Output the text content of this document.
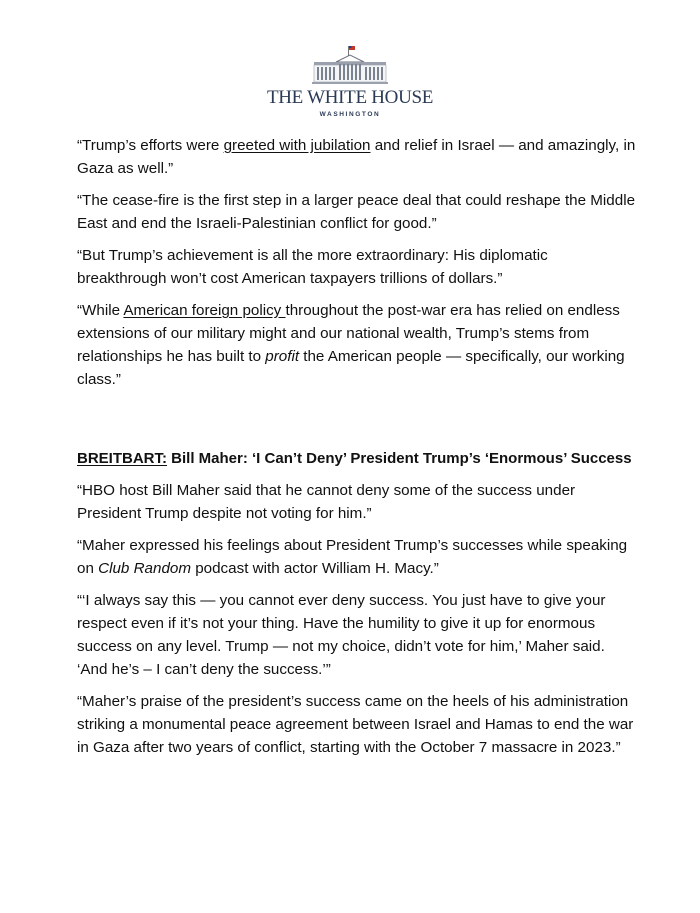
THE WHITE HOUSE
WASHINGTON

“Trump’s efforts were greeted with jubilation and relief in Israel — and amazingly, in Gaza as well.”

“The cease-fire is the first step in a larger peace deal that could reshape the Middle East and end the Israeli-Palestinian conflict for good.”

“But Trump’s achievement is all the more extraordinary: His diplomatic breakthrough won’t cost American taxpayers trillions of dollars.”

“While American foreign policy throughout the post-war era has relied on endless extensions of our military might and our national wealth, Trump’s stems from relationships he has built to profit the American people — specifically, our working class.”

BREITBART: Bill Maher: ‘I Can’t Deny’ President Trump’s ‘Enormous’ Success

“HBO host Bill Maher said that he cannot deny some of the success under President Trump despite not voting for him.”

“Maher expressed his feelings about President Trump’s successes while speaking on Club Random podcast with actor William H. Macy.”

“‘I always say this — you cannot ever deny success. You just have to give your respect even if it’s not your thing. Have the humility to give it up for enormous success on any level. Trump — not my choice, didn’t vote for him,’ Maher said. ‘And he’s – I can’t deny the success.’”

“Maher’s praise of the president’s success came on the heels of his administration striking a monumental peace agreement between Israel and Hamas to end the war in Gaza after two years of conflict, starting with the October 7 massacre in 2023.”
